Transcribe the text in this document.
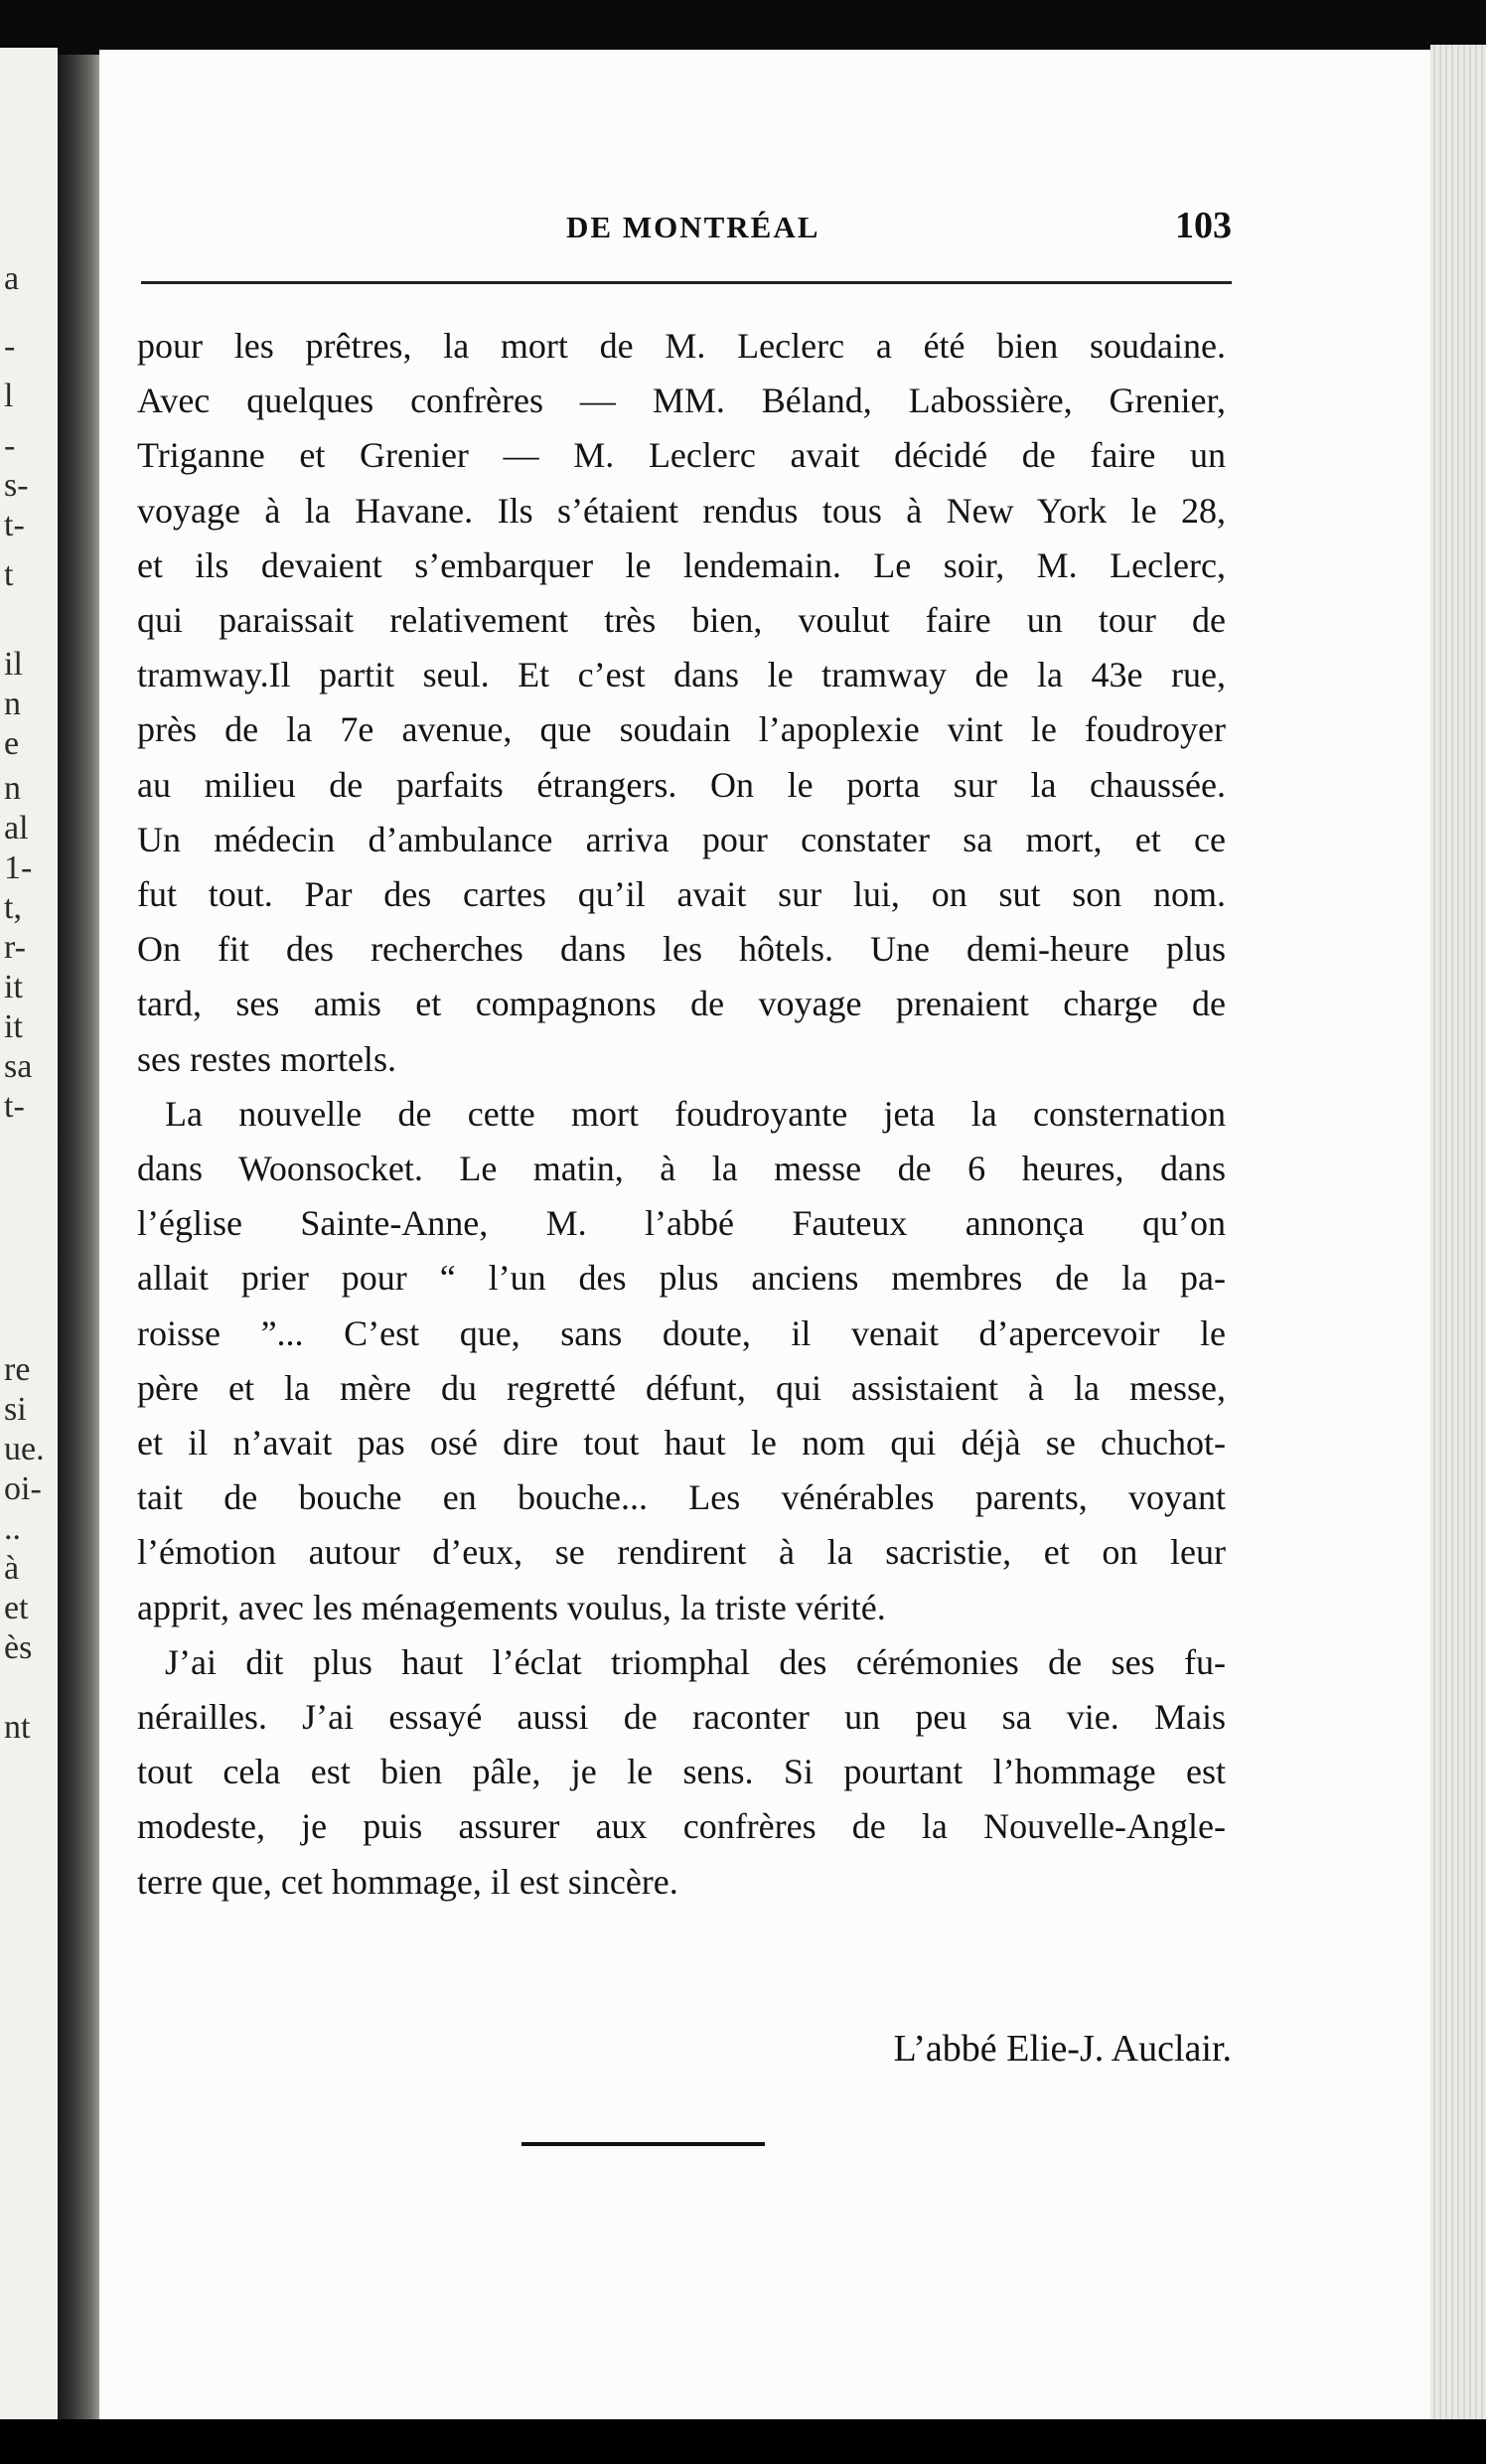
a
-
l
-
s-
t-
t
il
n
e
n
al
1-
t,
r-
it
it
sa
t-
re
si
ue.
oi-
..
à
et
ès
nt
DE MONTRÉAL	103
pour les prêtres, la mort de M. Leclerc a été bien soudaine.
Avec quelques confrères — MM. Béland, Labossière, Grenier,
Triganne et Grenier — M. Leclerc avait décidé de faire un
voyage à la Havane. Ils s’étaient rendus tous à New York le 28,
et ils devaient s’embarquer le lendemain. Le soir, M. Leclerc,
qui paraissait relativement très bien, voulut faire un tour de
tramway.Il partit seul. Et c’est dans le tramway de la 43e rue,
près de la 7e avenue, que soudain l’apoplexie vint le foudroyer
au milieu de parfaits étrangers. On le porta sur la chaussée.
Un médecin d’ambulance arriva pour constater sa mort, et ce
fut tout. Par des cartes qu’il avait sur lui, on sut son nom.
On fit des recherches dans les hôtels. Une demi-heure plus
tard, ses amis et compagnons de voyage prenaient charge de
ses restes mortels.
La nouvelle de cette mort foudroyante jeta la consternation
dans Woonsocket. Le matin, à la messe de 6 heures, dans
l’église Sainte-Anne, M. l’abbé Fauteux annonça qu’on
allait prier pour “ l’un des plus anciens membres de la pa-
roisse ”... C’est que, sans doute, il venait d’apercevoir le
père et la mère du regretté défunt, qui assistaient à la messe,
et il n’avait pas osé dire tout haut le nom qui déjà se chuchot-
tait de bouche en bouche... Les vénérables parents, voyant
l’émotion autour d’eux, se rendirent à la sacristie, et on leur
apprit, avec les ménagements voulus, la triste vérité.
J’ai dit plus haut l’éclat triomphal des cérémonies de ses fu-
nérailles. J’ai essayé aussi de raconter un peu sa vie. Mais
tout cela est bien pâle, je le sens. Si pourtant l’hommage est
modeste, je puis assurer aux confrères de la Nouvelle-Angle-
terre que, cet hommage, il est sincère.
L’abbé Elie-J. Auclair.
